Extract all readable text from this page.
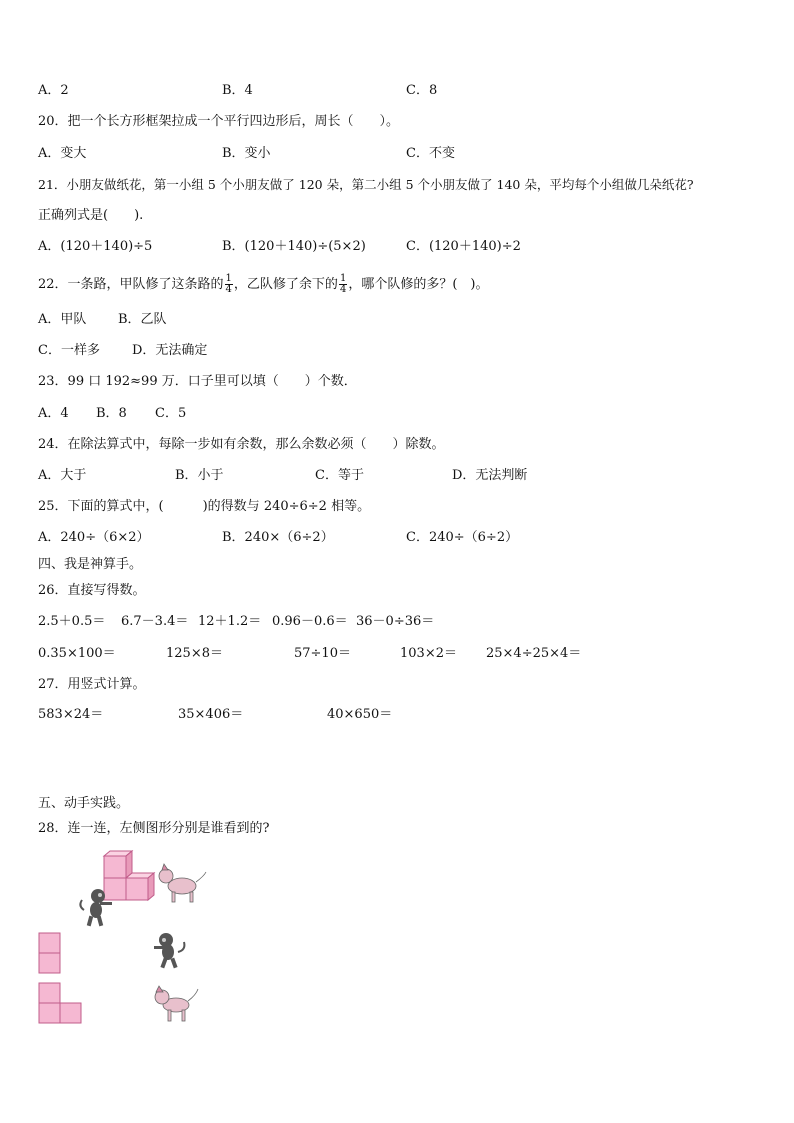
A．2	B．4	C．8
20．把一个长方形框架拉成一个平行四边形后，周长（　　）。
A．变大	B．变小	C．不变
21．小朋友做纸花，第一小组 5 个小朋友做了 120 朵，第二小组 5 个小朋友做了 140 朵，平均每个小组做几朵纸花?
正确列式是(　　).
A．(120＋140)÷5	B．(120＋140)÷(5×2)	C．(120＋140)÷2
22．一条路，甲队修了这条路的 $\frac{1}{4}$ ，乙队修了余下的 $\frac{1}{4}$ ，哪个队修的多？(　)。
A．甲队 B．乙队
C．一样多 D．无法确定
23．99 口 192≈99 万．口子里可以填（　　）个数．
A．4 B．8 C．5
24．在除法算式中，每除一步如有余数，那么余数必须（　　）除数。
A．大于	B．小于	C．等于	D．无法判断
25．下面的算式中，(　　　)的得数与 240÷6÷2 相等。
A．240÷（6×2）	B．240×（6÷2）	C．240÷（6÷2）
四、我是神算手。
26．直接写得数。
2.5＋0.5＝ 6.7－3.4＝ 12＋1.2＝ 0.96－0.6＝ 36－0÷36＝
0.35×100＝	125×8＝	57÷10＝	103×2＝ 25×4÷25×4＝
27．用竖式计算。
583×24＝	35×406＝	40×650＝
五、动手实践。
28．连一连，左侧图形分别是谁看到的?
